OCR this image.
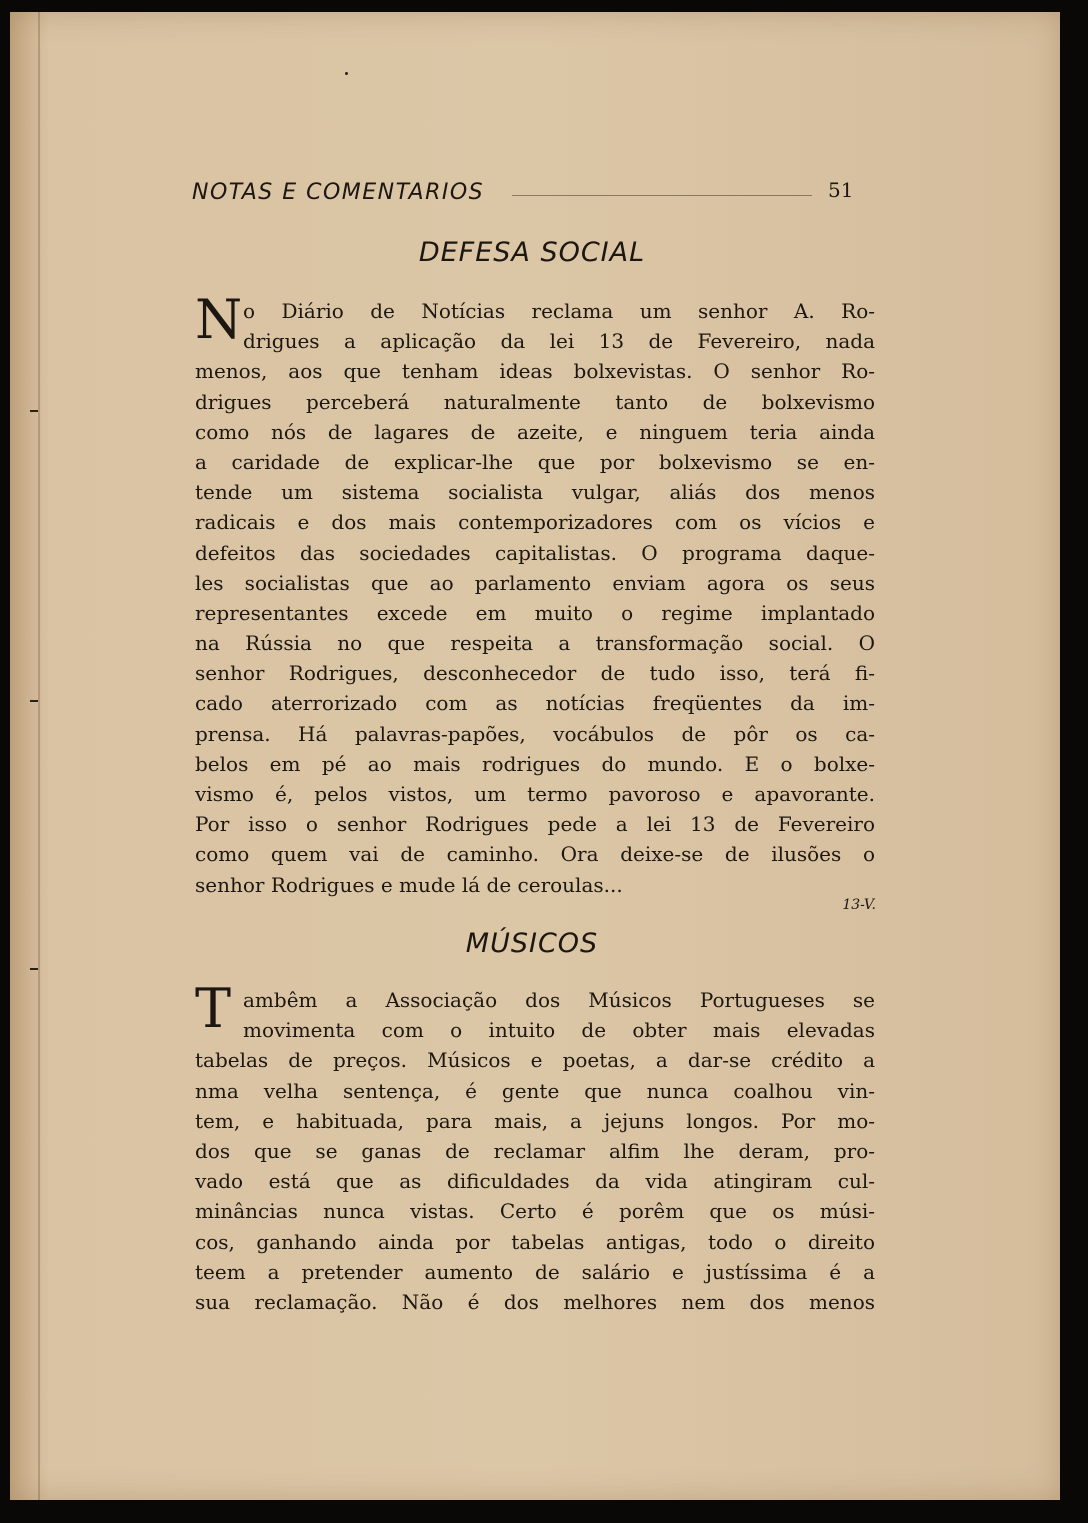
NOTAS E COMENTARIOS	51
DEFESA SOCIAL
N o Diário de Notícias reclama um senhor A. Ro-
drigues a aplicação da lei 13 de Fevereiro, nada
menos, aos que tenham ideas bolxevistas. O senhor Ro-
drigues perceberá naturalmente tanto de bolxevismo
como nós de lagares de azeite, e ninguem teria ainda
a caridade de explicar-lhe que por bolxevismo se en-
tende um sistema socialista vulgar, aliás dos menos
radicais e dos mais contemporizadores com os vícios e
defeitos das sociedades capitalistas. O programa daque-
les socialistas que ao parlamento enviam agora os seus
representantes excede em muito o regime implantado
na Rússia no que respeita a transformação social. O
senhor Rodrigues, desconhecedor de tudo isso, terá fi-
cado aterrorizado com as notícias freqüentes da im-
prensa. Há palavras-papões, vocábulos de pôr os ca-
belos em pé ao mais rodrigues do mundo. E o bolxe-
vismo é, pelos vistos, um termo pavoroso e apavorante.
Por isso o senhor Rodrigues pede a lei 13 de Fevereiro
como quem vai de caminho. Ora deixe-se de ilusões o
senhor Rodrigues e mude lá de ceroulas...
13-V.
MÚSICOS
T ambêm a Associação dos Músicos Portugueses se
movimenta com o intuito de obter mais elevadas
tabelas de preços. Músicos e poetas, a dar-se crédito a
nma velha sentença, é gente que nunca coalhou vin-
tem, e habituada, para mais, a jejuns longos. Por mo-
dos que se ganas de reclamar alfim lhe deram, pro-
vado está que as dificuldades da vida atingiram cul-
minâncias nunca vistas. Certo é porêm que os músi-
cos, ganhando ainda por tabelas antigas, todo o direito
teem a pretender aumento de salário e justíssima é a
sua reclamação. Não é dos melhores nem dos menos
